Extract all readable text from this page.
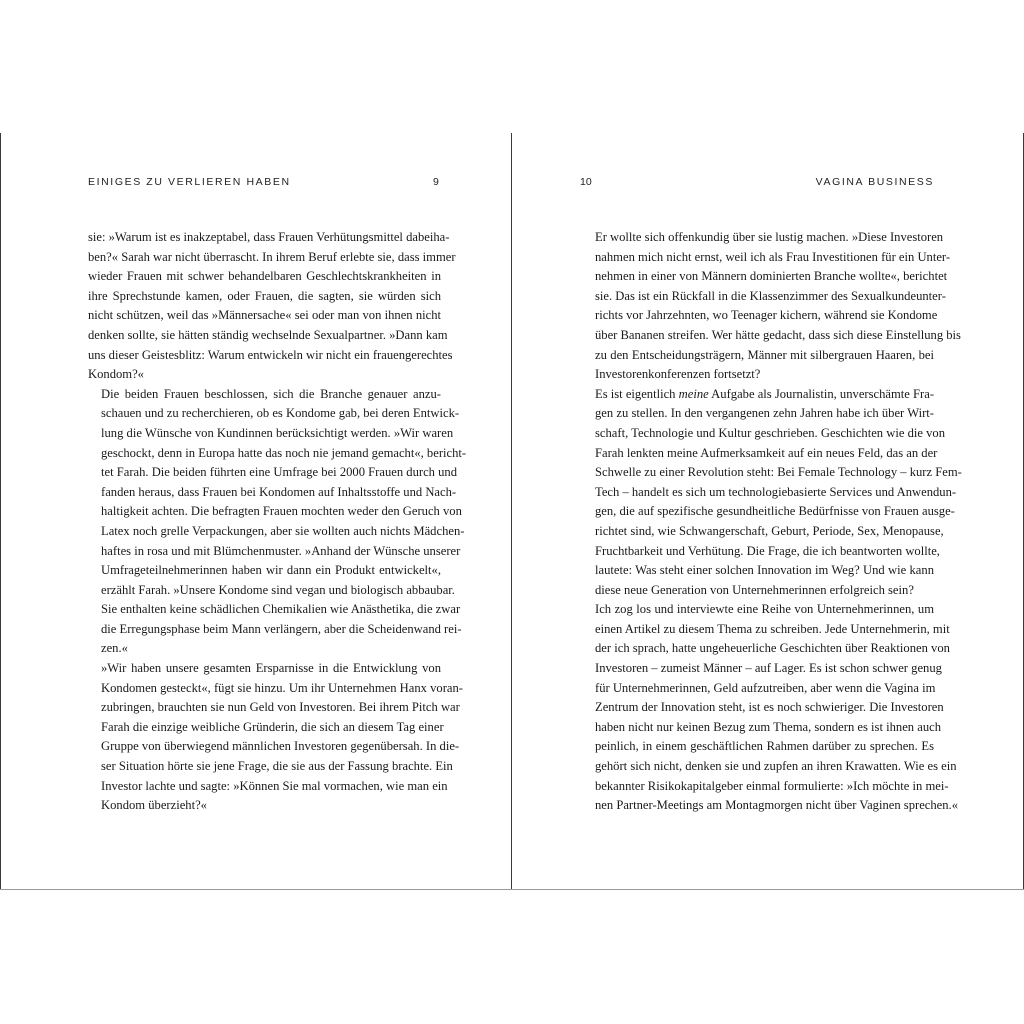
EINIGES ZU VERLIEREN HABEN	9

sie: »Warum ist es inakzeptabel, dass Frauen Verhütungsmittel dabeiha-
ben?« Sarah war nicht überrascht. In ihrem Beruf erlebte sie, dass immer
wieder Frauen mit schwer behandelbaren Geschlechtskrankheiten in
ihre Sprechstunde kamen, oder Frauen, die sagten, sie würden sich
nicht schützen, weil das »Männersache« sei oder man von ihnen nicht
denken sollte, sie hätten ständig wechselnde Sexualpartner. »Dann kam
uns dieser Geistesblitz: Warum entwickeln wir nicht ein frauengerechtes
Kondom?«

Die beiden Frauen beschlossen, sich die Branche genauer anzu-
schauen und zu recherchieren, ob es Kondome gab, bei deren Entwick-
lung die Wünsche von Kundinnen berücksichtigt werden. »Wir waren
geschockt, denn in Europa hatte das noch nie jemand gemacht«, bericht-
tet Farah. Die beiden führten eine Umfrage bei 2000 Frauen durch und
fanden heraus, dass Frauen bei Kondomen auf Inhaltsstoffe und Nach-
haltigkeit achten. Die befragten Frauen mochten weder den Geruch von
Latex noch grelle Verpackungen, aber sie wollten auch nichts Mädchen-
haftes in rosa und mit Blümchenmuster. »Anhand der Wünsche unserer
Umfrageteilnehmerinnen haben wir dann ein Produkt entwickelt«,
erzählt Farah. »Unsere Kondome sind vegan und biologisch abbaubar.
Sie enthalten keine schädlichen Chemikalien wie Anästhetika, die zwar
die Erregungsphase beim Mann verlängern, aber die Scheidenwand rei-
zen.«

»Wir haben unsere gesamten Ersparnisse in die Entwicklung von
Kondomen gesteckt«, fügt sie hinzu. Um ihr Unternehmen Hanx voran-
zubringen, brauchten sie nun Geld von Investoren. Bei ihrem Pitch war
Farah die einzige weibliche Gründerin, die sich an diesem Tag einer
Gruppe von überwiegend männlichen Investoren gegenübersah. In die-
ser Situation hörte sie jene Frage, die sie aus der Fassung brachte. Ein
Investor lachte und sagte: »Können Sie mal vormachen, wie man ein
Kondom überzieht?«

10	VAGINA BUSINESS

Er wollte sich offenkundig über sie lustig machen. »Diese Investoren
nahmen mich nicht ernst, weil ich als Frau Investitionen für ein Unter-
nehmen in einer von Männern dominierten Branche wollte«, berichtet
sie. Das ist ein Rückfall in die Klassenzimmer des Sexualkundeunter-
richts vor Jahrzehnten, wo Teenager kichern, während sie Kondome
über Bananen streifen. Wer hätte gedacht, dass sich diese Einstellung bis
zu den Entscheidungsträgern, Männer mit silbergrauen Haaren, bei
Investorenkonferenzen fortsetzt?

Es ist eigentlich meine Aufgabe als Journalistin, unverschämte Fra-
gen zu stellen. In den vergangenen zehn Jahren habe ich über Wirt-
schaft, Technologie und Kultur geschrieben. Geschichten wie die von
Farah lenkten meine Aufmerksamkeit auf ein neues Feld, das an der
Schwelle zu einer Revolution steht: Bei Female Technology – kurz Fem-
Tech – handelt es sich um technologiebasierte Services und Anwendun-
gen, die auf spezifische gesundheitliche Bedürfnisse von Frauen ausge-
richtet sind, wie Schwangerschaft, Geburt, Periode, Sex, Menopause,
Fruchtbarkeit und Verhütung. Die Frage, die ich beantworten wollte,
lautete: Was steht einer solchen Innovation im Weg? Und wie kann
diese neue Generation von Unternehmerinnen erfolgreich sein?

Ich zog los und interviewte eine Reihe von Unternehmerinnen, um
einen Artikel zu diesem Thema zu schreiben. Jede Unternehmerin, mit
der ich sprach, hatte ungeheuerliche Geschichten über Reaktionen von
Investoren – zumeist Männer – auf Lager. Es ist schon schwer genug
für Unternehmerinnen, Geld aufzutreiben, aber wenn die Vagina im
Zentrum der Innovation steht, ist es noch schwieriger. Die Investoren
haben nicht nur keinen Bezug zum Thema, sondern es ist ihnen auch
peinlich, in einem geschäftlichen Rahmen darüber zu sprechen. Es
gehört sich nicht, denken sie und zupfen an ihren Krawatten. Wie es ein
bekannter Risikokapitalgeber einmal formulierte: »Ich möchte in mei-
nen Partner-Meetings am Montagmorgen nicht über Vaginen sprechen.«
